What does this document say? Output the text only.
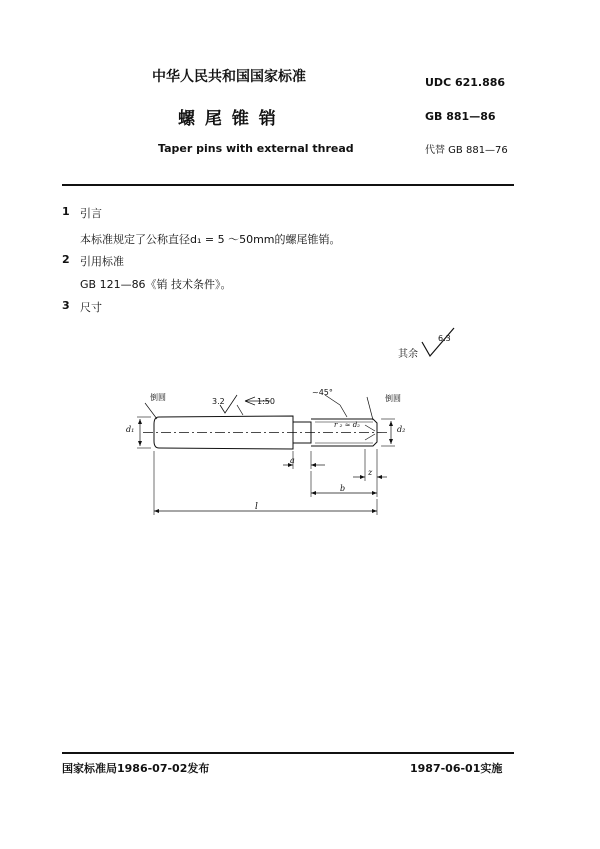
中华人民共和国国家标准	UDC 621.886
螺 尾 锥 销	GB 881—86
Taper pins with external thread	代替 GB 881—76
1 引言
本标准规定了公称直径d₁ = 5 ～50mm的螺尾锥销。
2 引用标准
GB 121—86《销 技术条件》。
3 尺寸
其余
6.3
倒圆	3.2	1:50
~45°
倒圆
r ₂ ≈ d₂
d₁	d₂
a
z
b
l
国家标准局1986-07-02发布	1987-06-01实施
